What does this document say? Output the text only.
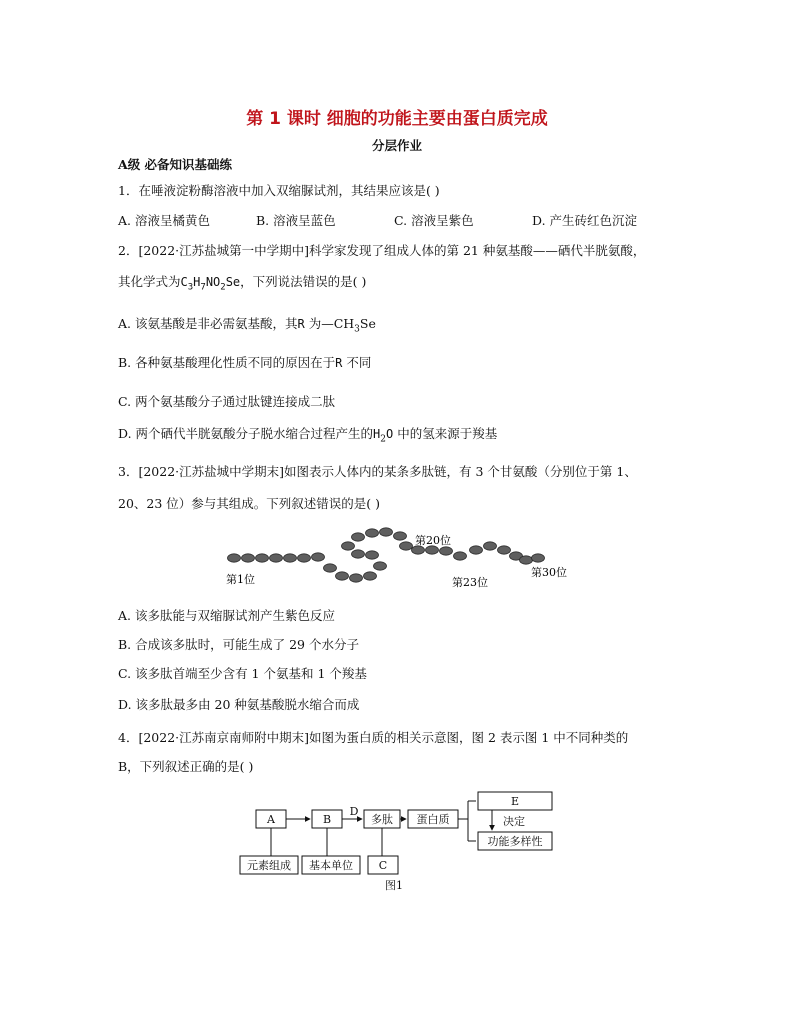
第 1 课时 细胞的功能主要由蛋白质完成
分层作业
A级 必备知识基础练
1．在唾液淀粉酶溶液中加入双缩脲试剂，其结果应该是( )
A. 溶液呈橘黄色	B. 溶液呈蓝色	C. 溶液呈紫色	D. 产生砖红色沉淀
2．[2022·江苏盐城第一中学期中]科学家发现了组成人体的第 21 种氨基酸——硒代半胱氨酸，
其化学式为$C_3H_7NO_2Se$，下列说法错误的是( )
A. 该氨基酸是非必需氨基酸，其R 为$—CH_3Se$
B. 各种氨基酸理化性质不同的原因在于R 不同
C. 两个氨基酸分子通过肽键连接成二肽
D. 两个硒代半胱氨酸分子脱水缩合过程产生的$H_2O$ 中的氢来源于羧基
3．[2022·江苏盐城中学期末]如图表示人体内的某条多肽链，有 3 个甘氨酸（分别位于第 1、
20、23 位）参与其组成。下列叙述错误的是( )
第1位
第20位
第23位
第30位
A. 该多肽能与双缩脲试剂产生紫色反应
B. 合成该多肽时，可能生成了 29 个水分子
C. 该多肽首端至少含有 1 个氨基和 1 个羧基
D. 该多肽最多由 20 种氨基酸脱水缩合而成
4．[2022·江苏南京南师附中期末]如图为蛋白质的相关示意图，图 2 表示图 1 中不同种类的
B，下列叙述正确的是( )
A	B
D
多肽 蛋白质
E
决定
功能多样性
元素组成 基本单位 C
图1
